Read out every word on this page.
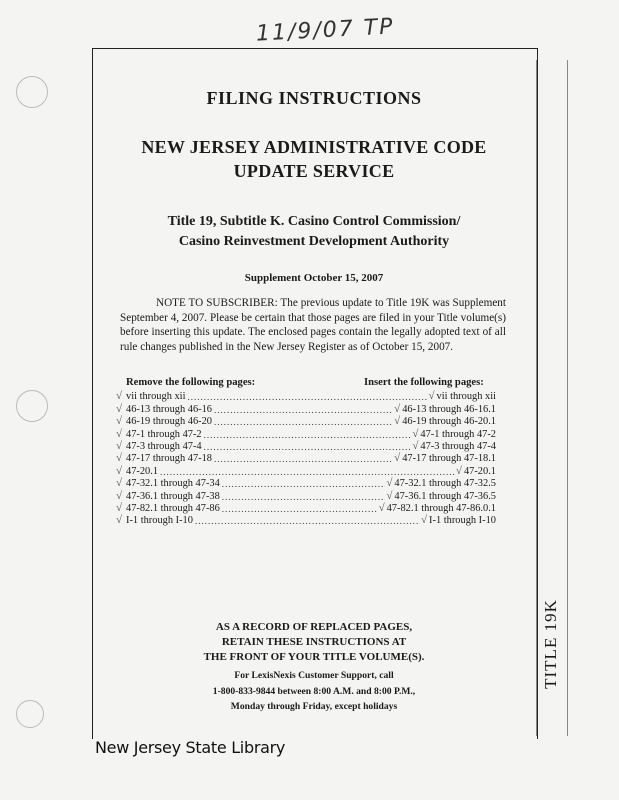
11/9/07 TP
TITLE 19K
FILING INSTRUCTIONS
NEW JERSEY ADMINISTRATIVE CODE
UPDATE SERVICE
Title 19, Subtitle K. Casino Control Commission/
Casino Reinvestment Development Authority
Supplement October 15, 2007
NOTE TO SUBSCRIBER: The previous update to Title 19K was Supplement September 4, 2007. Please be certain that those pages are filed in your Title volume(s) before inserting this update. The enclosed pages contain the legally adopted text of all rule changes published in the New Jersey Register as of October 15, 2007.
Remove the following pages:	Insert the following pages:
√ vii through xii .....	√ vii through xii
√ 46-13 through 46-16 .....	√ 46-13 through 46-16.1
√ 46-19 through 46-20 .....	√ 46-19 through 46-20.1
√ 47-1 through 47-2 .....	√ 47-1 through 47-2
√ 47-3 through 47-4 .....	√ 47-3 through 47-4
√ 47-17 through 47-18 .....	√ 47-17 through 47-18.1
√ 47-20.1 .....	√ 47-20.1
√ 47-32.1 through 47-34 .....	√ 47-32.1 through 47-32.5
√ 47-36.1 through 47-38 .....	√ 47-36.1 through 47-36.5
√ 47-82.1 through 47-86 .....	√ 47-82.1 through 47-86.0.1
√ I-1 through I-10 .....	√ I-1 through I-10
AS A RECORD OF REPLACED PAGES,
RETAIN THESE INSTRUCTIONS AT
THE FRONT OF YOUR TITLE VOLUME(S).
For LexisNexis Customer Support, call
1-800-833-9844 between 8:00 A.M. and 8:00 P.M.,
Monday through Friday, except holidays
New Jersey State Library
